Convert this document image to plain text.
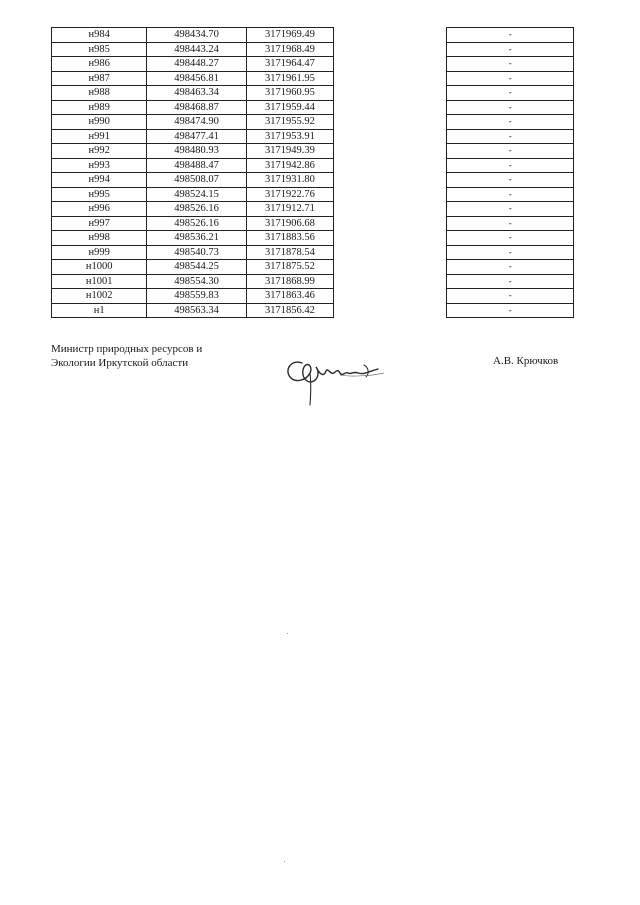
н984	498434.70	3171969.49		-
н985	498443.24	3171968.49		-
н986	498448.27	3171964.47		-
н987	498456.81	3171961.95		-
н988	498463.34	3171960.95		-
н989	498468.87	3171959.44		-
н990	498474.90	3171955.92		-
н991	498477.41	3171953.91		-
н992	498480.93	3171949.39		-
н993	498488.47	3171942.86		-
н994	498508.07	3171931.80		-
н995	498524.15	3171922.76		-
н996	498526.16	3171912.71		-
н997	498526.16	3171906.68		-
н998	498536.21	3171883.56		-
н999	498540.73	3171878.54		-
н1000	498544.25	3171875.52		-
н1001	498554.30	3171868.99		-
н1002	498559.83	3171863.46		-
н1	498563.34	3171856.42		-
Министр природных ресурсов и
Экологии Иркутской области	А.В. Крючков
